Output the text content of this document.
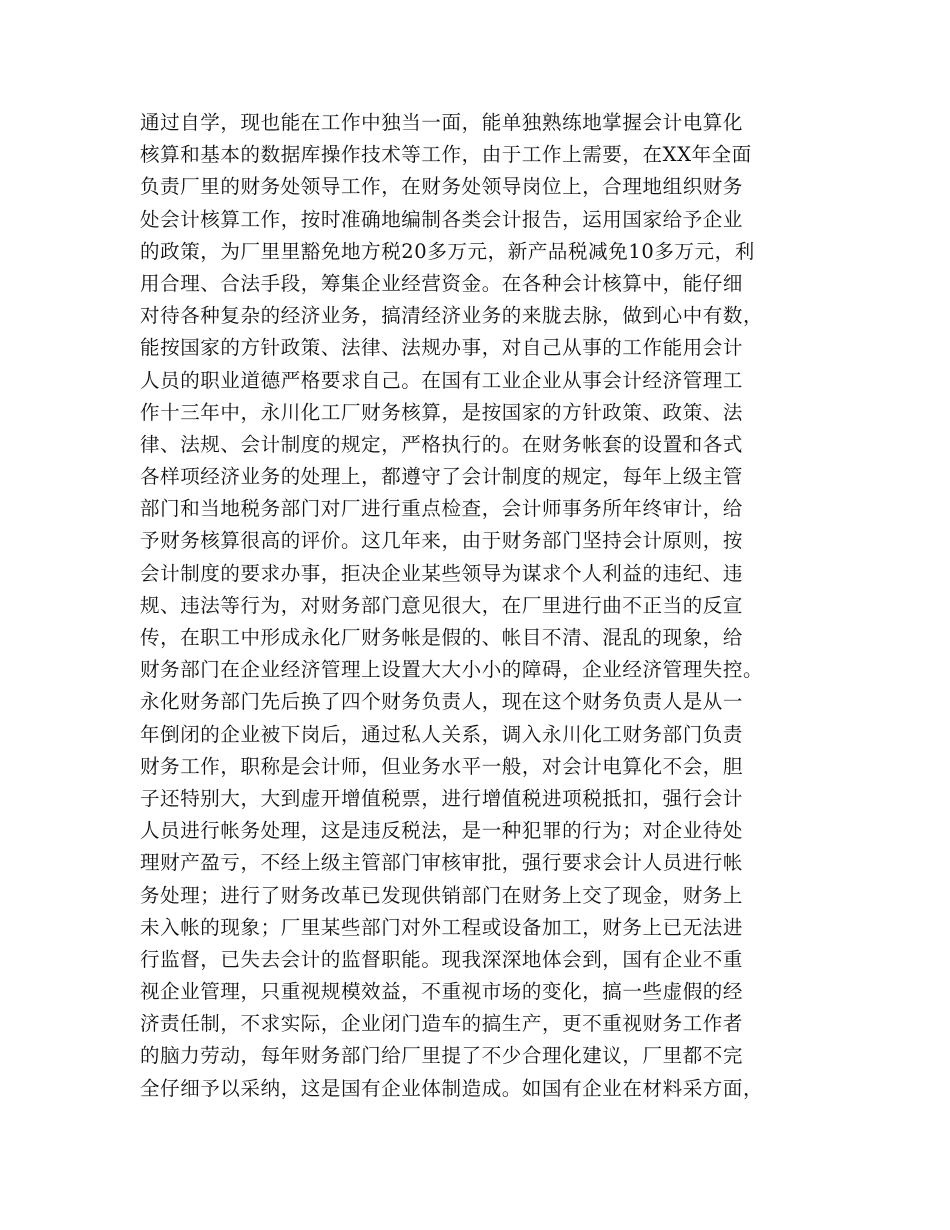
通过自学，现也能在工作中独当一面，能单独熟练地掌握会计电算化
核算和基本的数据库操作技术等工作，由于工作上需要，在XX年全面
负责厂里的财务处领导工作，在财务处领导岗位上，合理地组织财务
处会计核算工作，按时准确地编制各类会计报告，运用国家给予企业
的政策，为厂里里豁免地方税20多万元，新产品税减免10多万元，利
用合理、合法手段，筹集企业经营资金。在各种会计核算中，能仔细
对待各种复杂的经济业务，搞清经济业务的来胧去脉，做到心中有数，
能按国家的方针政策、法律、法规办事，对自己从事的工作能用会计
人员的职业道德严格要求自己。在国有工业企业从事会计经济管理工
作十三年中，永川化工厂财务核算，是按国家的方针政策、政策、法
律、法规、会计制度的规定，严格执行的。在财务帐套的设置和各式
各样项经济业务的处理上，都遵守了会计制度的规定，每年上级主管
部门和当地税务部门对厂进行重点检查，会计师事务所年终审计，给
予财务核算很高的评价。这几年来，由于财务部门坚持会计原则，按
会计制度的要求办事，拒决企业某些领导为谋求个人利益的违纪、违
规、违法等行为，对财务部门意见很大，在厂里进行曲不正当的反宣
传，在职工中形成永化厂财务帐是假的、帐目不清、混乱的现象，给
财务部门在企业经济管理上设置大大小小的障碍，企业经济管理失控。
永化财务部门先后换了四个财务负责人，现在这个财务负责人是从一
年倒闭的企业被下岗后，通过私人关系，调入永川化工财务部门负责
财务工作，职称是会计师，但业务水平一般，对会计电算化不会，胆
子还特别大，大到虚开增值税票，进行增值税进项税抵扣，强行会计
人员进行帐务处理，这是违反税法，是一种犯罪的行为；对企业待处
理财产盈亏，不经上级主管部门审核审批，强行要求会计人员进行帐
务处理；进行了财务改革已发现供销部门在财务上交了现金，财务上
未入帐的现象；厂里某些部门对外工程或设备加工，财务上已无法进
行监督，已失去会计的监督职能。现我深深地体会到，国有企业不重
视企业管理，只重视规模效益，不重视市场的变化，搞一些虚假的经
济责任制，不求实际，企业闭门造车的搞生产，更不重视财务工作者
的脑力劳动，每年财务部门给厂里提了不少合理化建议，厂里都不完
全仔细予以采纳，这是国有企业体制造成。如国有企业在材料采方面，
